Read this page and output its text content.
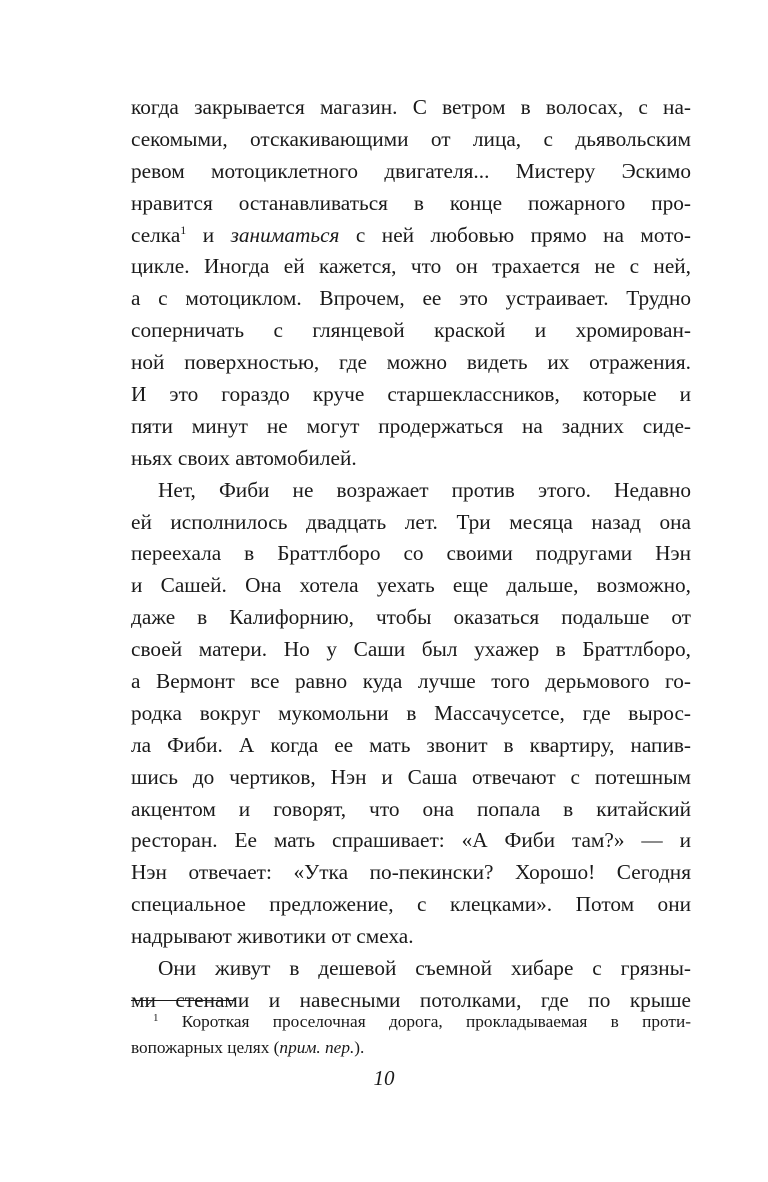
когда закрывается магазин. С ветром в волосах, с на-
секомыми, отскакивающими от лица, с дьявольским
ревом мотоциклетного двигателя... Мистеру Эскимо
нравится останавливаться в конце пожарного про-
селка$^1$ и заниматься с ней любовью прямо на мото-
цикле. Иногда ей кажется, что он трахается не с ней,
а с мотоциклом. Впрочем, ее это устраивает. Трудно
соперничать с глянцевой краской и хромирован-
ной поверхностью, где можно видеть их отражения.
И это гораздо круче старшеклассников, которые и
пяти минут не могут продержаться на задних сиде-
ньях своих автомобилей.
Нет, Фиби не возражает против этого. Недавно
ей исполнилось двадцать лет. Три месяца назад она
переехала в Браттлборо со своими подругами Нэн
и Сашей. Она хотела уехать еще дальше, возможно,
даже в Калифорнию, чтобы оказаться подальше от
своей матери. Но у Саши был ухажер в Браттлборо,
а Вермонт все равно куда лучше того дерьмового го-
родка вокруг мукомольни в Массачусетсе, где вырос-
ла Фиби. А когда ее мать звонит в квартиру, напив-
шись до чертиков, Нэн и Саша отвечают с потешным
акцентом и говорят, что она попала в китайский
ресторан. Ее мать спрашивает: «А Фиби там?» — и
Нэн отвечает: «Утка по-пекински? Хорошо! Сегодня
специальное предложение, с клецками». Потом они
надрывают животики от смеха.
Они живут в дешевой съемной хибаре с грязны-
ми стенами и навесными потолками, где по крыше
$^1$ Короткая проселочная дорога, прокладываемая в проти-
вопожарных целях (прим. пер.).
10
